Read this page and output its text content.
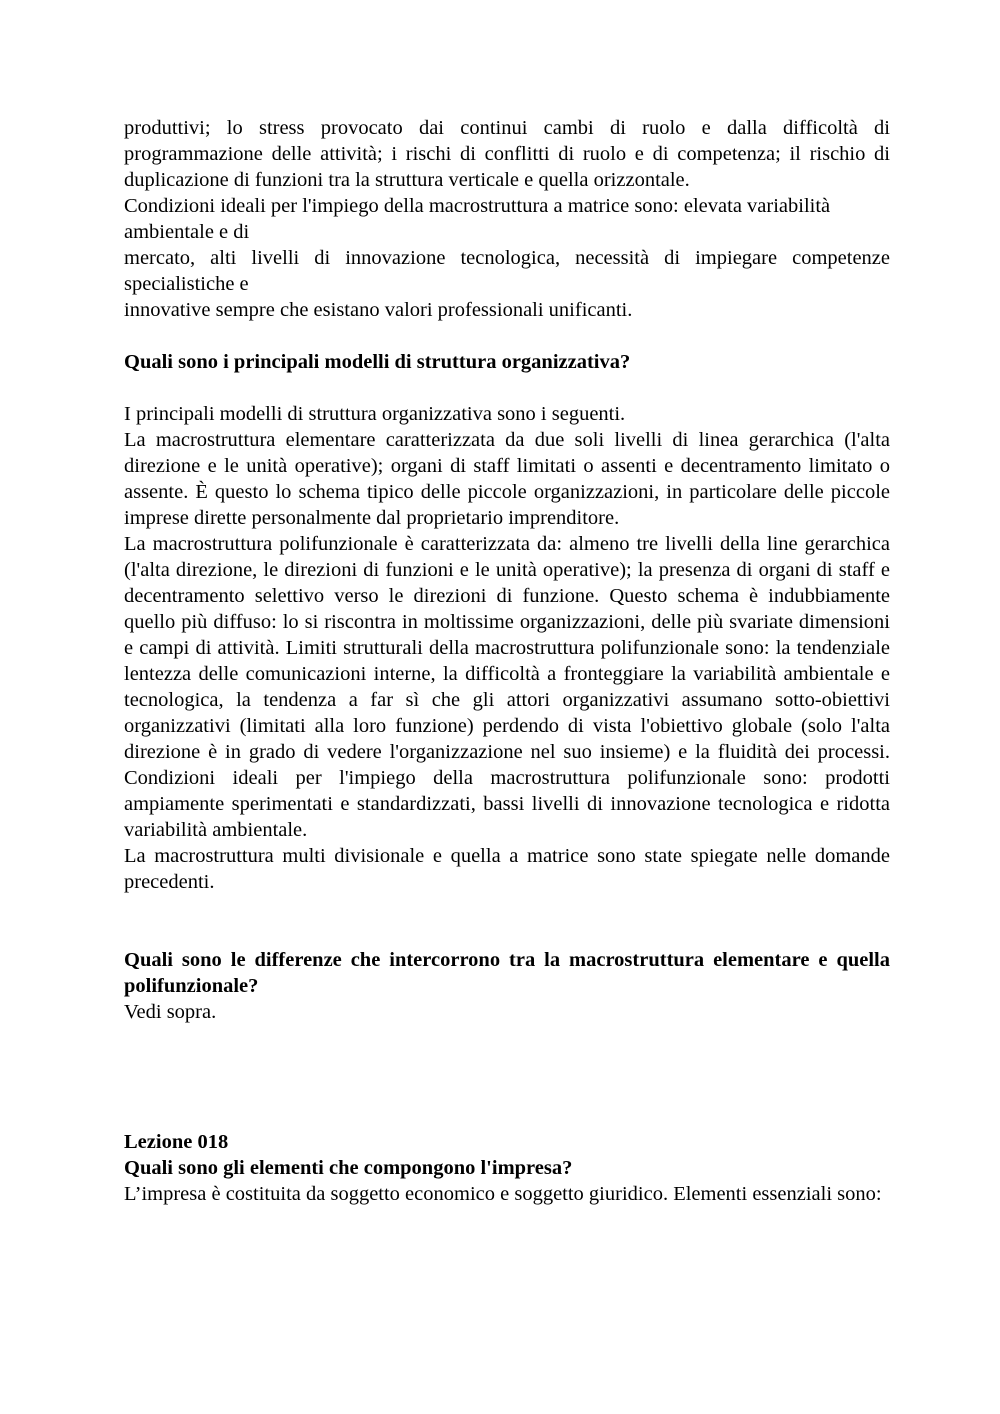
produttivi; lo stress provocato dai continui cambi di ruolo e dalla difficoltà di programmazione delle attività; i rischi di conflitti di ruolo e di competenza; il rischio di duplicazione di funzioni tra la struttura verticale e quella orizzontale.

Condizioni ideali per l'impiego della macrostruttura a matrice sono: elevata variabilità ambientale e di

mercato, alti livelli di innovazione tecnologica, necessità di impiegare competenze specialistiche e

innovative sempre che esistano valori professionali unificanti.

Quali sono i principali modelli di struttura organizzativa?

I principali modelli di struttura organizzativa sono i seguenti.

La macrostruttura elementare caratterizzata da due soli livelli di linea gerarchica (l'alta direzione e le unità operative); organi di staff limitati o assenti e decentramento limitato o assente. È questo lo schema tipico delle piccole organizzazioni, in particolare delle piccole imprese dirette personalmente dal proprietario imprenditore.

La macrostruttura polifunzionale è caratterizzata da: almeno tre livelli della line gerarchica (l'alta direzione, le direzioni di funzioni e le unità operative); la presenza di organi di staff e decentramento selettivo verso le direzioni di funzione. Questo schema è indubbiamente quello più diffuso: lo si riscontra in moltissime organizzazioni, delle più svariate dimensioni e campi di attività. Limiti strutturali della macrostruttura polifunzionale sono: la tendenziale lentezza delle comunicazioni interne, la difficoltà a fronteggiare la variabilità ambientale e tecnologica, la tendenza a far sì che gli attori organizzativi assumano sotto-obiettivi organizzativi (limitati alla loro funzione) perdendo di vista l'obiettivo globale (solo l'alta direzione è in grado di vedere l'organizzazione nel suo insieme) e la fluidità dei processi. Condizioni ideali per l'impiego della macrostruttura polifunzionale sono: prodotti ampiamente sperimentati e standardizzati, bassi livelli di innovazione tecnologica e ridotta variabilità ambientale.

La macrostruttura multi divisionale e quella a matrice sono state spiegate nelle domande precedenti.

Quali sono le differenze che intercorrono tra la macrostruttura elementare e quella polifunzionale?

Vedi sopra.

Lezione 018

Quali sono gli elementi che compongono l'impresa?

L’impresa è costituita da soggetto economico e soggetto giuridico. Elementi essenziali sono:
